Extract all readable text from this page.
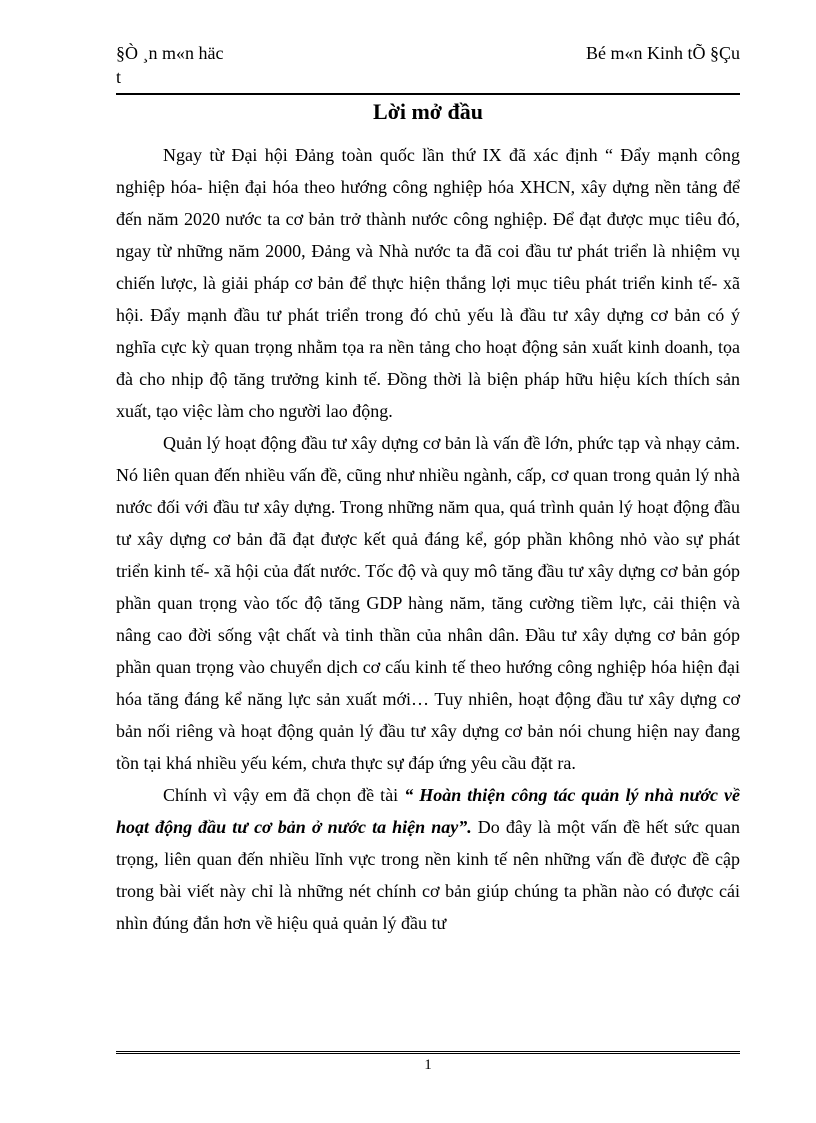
§Ò ¸n m«n häc	Bé m«n Kinh tÕ §Çu
t
Lời mở đầu

Ngay từ Đại hội Đảng toàn quốc lần thứ IX đã xác định “ Đẩy mạnh công nghiệp hóa- hiện đại hóa theo hướng công nghiệp hóa XHCN, xây dựng nền tảng để đến năm 2020 nước ta cơ bản trở thành nước công nghiệp. Để đạt được mục tiêu đó, ngay từ những năm 2000, Đảng và Nhà nước ta đã coi đầu tư phát triển là nhiệm vụ chiến lược, là giải pháp cơ bản để thực hiện thắng lợi mục tiêu phát triển kinh tế- xã hội. Đẩy mạnh đầu tư phát triển trong đó chủ yếu là đầu tư xây dựng cơ bản có ý nghĩa cực kỳ quan trọng nhằm tọa ra nền tảng cho hoạt động sản xuất kinh doanh, tọa đà cho nhịp độ tăng trưởng kinh tế. Đồng thời là biện pháp hữu hiệu kích thích sản xuất, tạo việc làm cho người lao động.

Quản lý hoạt động đầu tư xây dựng cơ bản là vấn đề lớn, phức tạp và nhạy cảm. Nó liên quan đến nhiều vấn đề, cũng như nhiều ngành, cấp, cơ quan trong quản lý nhà nước đối với đầu tư xây dựng. Trong những năm qua, quá trình quản lý hoạt động đầu tư xây dựng cơ bản đã đạt được kết quả đáng kể, góp phần không nhỏ vào sự phát triển kinh tế- xã hội của đất nước. Tốc độ và quy mô tăng đầu tư xây dựng cơ bản góp phần quan trọng vào tốc độ tăng GDP hàng năm, tăng cường tiềm lực, cải thiện và nâng cao đời sống vật chất và tinh thần của nhân dân. Đầu tư xây dựng cơ bản góp phần quan trọng vào chuyển dịch cơ cấu kinh tế theo hướng công nghiệp hóa hiện đại hóa tăng đáng kể năng lực sản xuất mới… Tuy nhiên, hoạt động đầu tư xây dựng cơ bản nối riêng và hoạt động quản lý đầu tư xây dựng cơ bản nói chung hiện nay đang tồn tại khá nhiều yếu kém, chưa thực sự đáp ứng yêu cầu đặt ra.

Chính vì vậy em đã chọn đề tài “ Hoàn thiện công tác quản lý nhà nước về hoạt động đầu tư cơ bản ở nước ta hiện nay”. Do đây là một vấn đề hết sức quan trọng, liên quan đến nhiều lĩnh vực trong nền kinh tế nên những vấn đề được đề cập trong bài viết này chỉ là những nét chính cơ bản giúp chúng ta phần nào có được cái nhìn đúng đắn hơn về hiệu quả quản lý đầu tư

1
